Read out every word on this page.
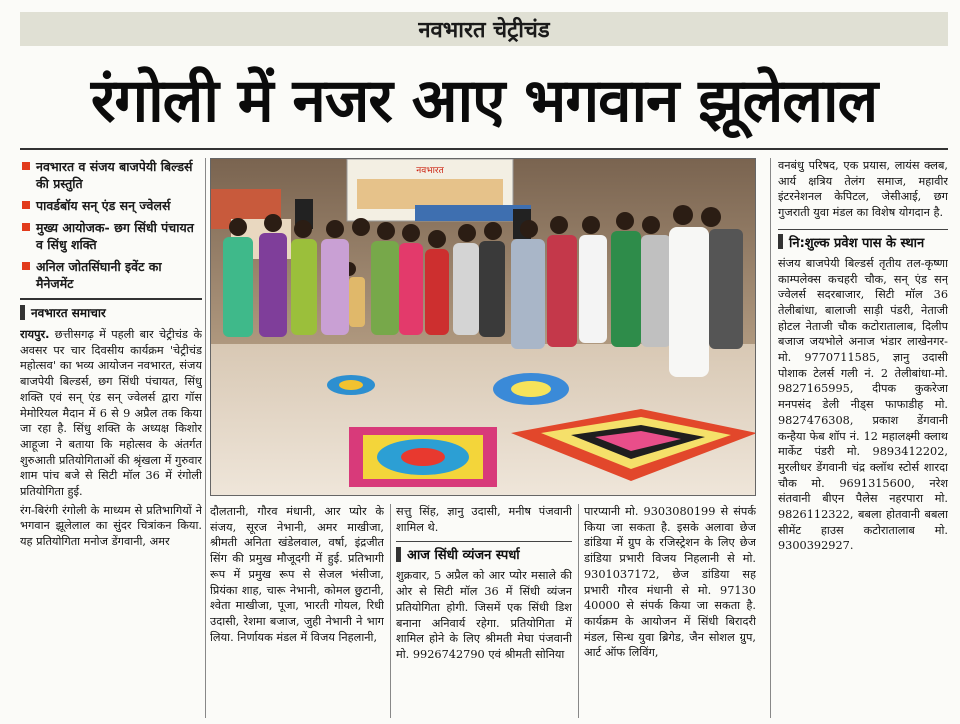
नवभारत चेट्रीचंड
रंगोली में नजर आए भगवान झूलेलाल
नवभारत व संजय बाजपेयी बिल्डर्स की प्रस्तुति
पावर्डबॉय सन् एंड सन् ज्वेलर्स
मुख्य आयोजक- छग सिंधी पंचायत व सिंधु शक्ति
अनिल जोतसिंघानी इवेंट का मैनेजमेंट
नवभारत समाचार

रायपुर. छत्तीसगढ़ में पहली बार चेट्रीचंड के अवसर पर चार दिवसीय कार्यक्रम 'चेट्रीचंड महोत्सव' का भव्य आयोजन नवभारत, संजय बाजपेयी बिल्डर्स, छग सिंधी पंचायत, सिंधु शक्ति एवं सन् एंड सन् ज्वेलर्स द्वारा गॉस मेमोरियल मैदान में 6 से 9 अप्रैल तक किया जा रहा है. सिंधु शक्ति के अध्यक्ष किशोर आहूजा ने बताया कि महोत्सव के अंतर्गत शुरुआती प्रतियोगिताओं की श्रृंखला में गुरुवार शाम पांच बजे से सिटी मॉल 36 में रंगोली प्रतियोगिता हुई.

रंग-बिरंगी रंगोली के माध्यम से प्रतिभागियों ने भगवान झूलेलाल का सुंदर चित्रांकन किया. यह प्रतियोगिता मनोज डेंगवानी, अमर

नवभारत

दौलतानी, गौरव मंधानी, आर प्योर के संजय, सूरज नेभानी, अमर माखीजा, श्रीमती अनिता खंडेलवाल, वर्षा, इंद्रजीत सिंग की प्रमुख मौजूदगी में हुई. प्रतिभागी रूप में प्रमुख रूप से सेजल भंसीजा, प्रियंका शाह, चारू नेभानी, कोमल छुटानी, श्वेता माखीजा, पूजा, भारती गोयल, रिधी उदासी, रेशमा बजाज, जुही नेभानी ने भाग लिया. निर्णायक मंडल में विजय निहलानी,

सत्तु सिंह, ज्ञानु उदासी, मनीष पंजवानी शामिल थे.

आज सिंधी व्यंजन स्पर्धा

शुक्रवार, 5 अप्रैल को आर प्योर मसाले की ओर से सिटी मॉल 36 में सिंधी व्यंजन प्रतियोगिता होगी. जिसमें एक सिंधी डिश बनाना अनिवार्य रहेगा. प्रतियोगिता में शामिल होने के लिए श्रीमती मेघा पंजवानी मो. 9926742790 एवं श्रीमती सोनिया

पारप्यानी मो. 9303080199 से संपर्क किया जा सकता है. इसके अलावा छेज डांडिया में ग्रुप के रजिस्ट्रेशन के लिए छेज डांडिया प्रभारी विजय निहलानी से मो. 9301037172, छेज डांडिया सह प्रभारी गौरव मंधानी से मो. 97130 40000 से संपर्क किया जा सकता है. कार्यक्रम के आयोजन में सिंधी बिरादरी मंडल, सिन्ध युवा ब्रिगेड, जैन सोशल ग्रुप, आर्ट ऑफ लिविंग,

वनबंधु परिषद, एक प्रयास, लायंस क्लब, आर्य क्षत्रिय तेलंग समाज, महावीर इंटरनेशनल केपिटल, जेसीआई, छग गुजराती युवा मंडल का विशेष योगदान है.

नि:शुल्क प्रवेश पास के स्थान

संजय बाजपेयी बिल्डर्स तृतीय तल-कृष्णा काम्पलेक्स कचहरी चौक, सन् एंड सन् ज्वेलर्स सदरबाजार, सिटी मॉल 36 तेलीबांधा, बालाजी साड़ी पंडरी, नेताजी होटल नेताजी चौक कटोरातालाब, दिलीप बजाज जयभोले अनाज भंडार लाखेनगर-मो. 9770711585, ज्ञानु उदासी पोशाक टेलर्स गली नं. 2 तेलीबांधा-मो. 9827165995, दीपक कुकरेजा मनपसंद डेली नीड्स फाफाडीह मो. 9827476308, प्रकाश डेंगवानी कन्हैया फेब शॉप नं. 12 महालक्ष्मी क्लाथ मार्केट पंडरी मो. 9893412202, मुरलीधर डेंगवानी चंद्र क्लॉथ स्टोर्स शारदा चौक मो. 9691315600, नरेश संतवानी बीएन पैलेस नहरपारा मो. 9826112322, बबला होतवानी बबला सीमेंट हाउस कटोरातालाब मो. 9300392927.
